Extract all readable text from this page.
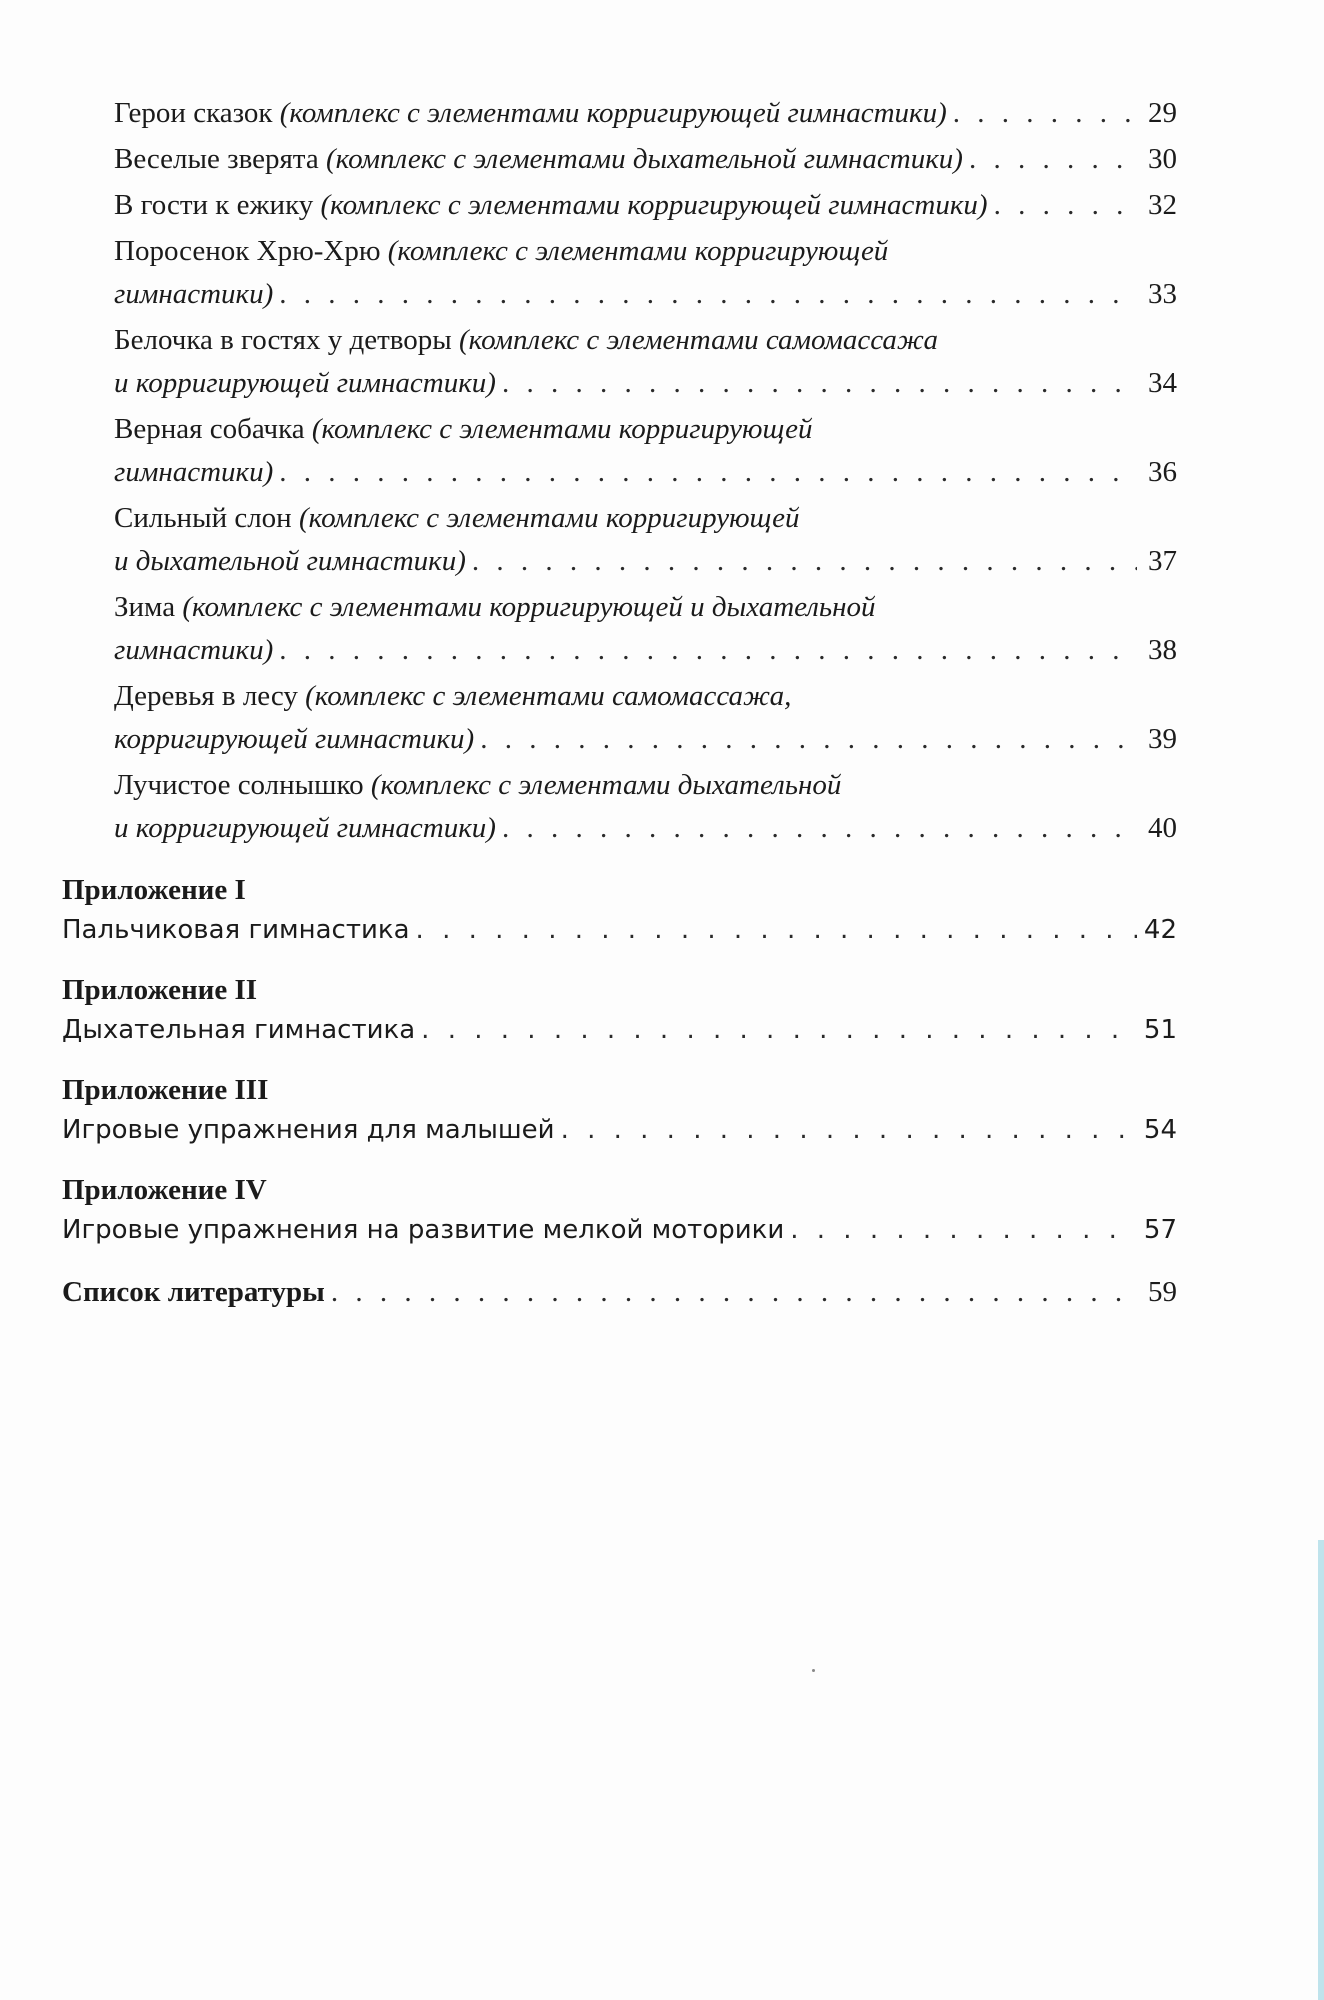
Герои сказок (комплекс с элементами корригирующей гимнастики) . . .	29
Веселые зверята (комплекс с элементами дыхательной гимнастики) . . .	30
В гости к ежику (комплекс с элементами корригирующей гимнастики) . . .	32
Поросенок Хрю-Хрю (комплекс с элементами корригирующей
гимнастики) . . .	33
Белочка в гостях у детворы (комплекс с элементами самомассажа
и корригирующей гимнастики) . . .	34
Верная собачка (комплекс с элементами корригирующей
гимнастики) . . .	36
Сильный слон (комплекс с элементами корригирующей
и дыхательной гимнастики) . . .	37
Зима (комплекс с элементами корригирующей и дыхательной
гимнастики) . . .	38
Деревья в лесу (комплекс с элементами самомассажа,
корригирующей гимнастики) . . .	39
Лучистое солнышко (комплекс с элементами дыхательной
и корригирующей гимнастики) . . .	40
Приложение I
Пальчиковая гимнастика . . .	42
Приложение II
Дыхательная гимнастика . . .	51
Приложение III
Игровые упражнения для малышей . . .	54
Приложение IV
Игровые упражнения на развитие мелкой моторики . . .	57
Список литературы . . .	59
